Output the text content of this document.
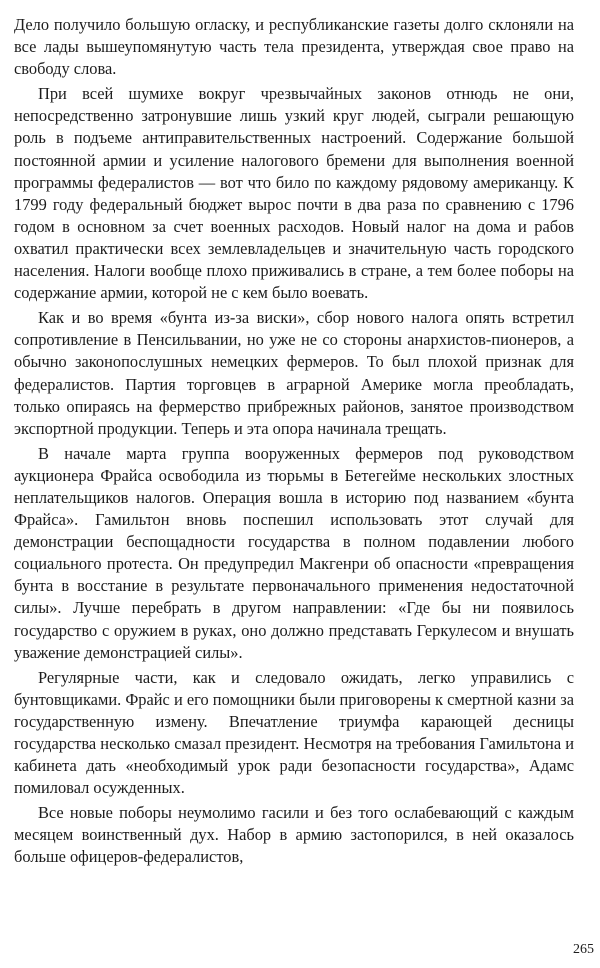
Дело получило большую огласку, и республиканские газеты долго склоняли на все лады вышеупомянутую часть тела президента, утверждая свое право на свободу слова.

При всей шумихе вокруг чрезвычайных законов отнюдь не они, непосредственно затронувшие лишь узкий круг людей, сыграли решающую роль в подъеме антиправительственных настроений. Содержание большой постоянной армии и усиление налогового бремени для выполнения военной программы федералистов — вот что било по каждому рядовому американцу. К 1799 году федеральный бюджет вырос почти в два раза по сравнению с 1796 годом в основном за счет военных расходов. Новый налог на дома и рабов охватил практически всех землевладельцев и значительную часть городского населения. Налоги вообще плохо приживались в стране, а тем более поборы на содержание армии, которой не с кем было воевать.

Как и во время «бунта из-за виски», сбор нового налога опять встретил сопротивление в Пенсильвании, но уже не со стороны анархистов-пионеров, а обычно законопослушных немецких фермеров. То был плохой признак для федералистов. Партия торговцев в аграрной Америке могла преобладать, только опираясь на фермерство прибрежных районов, занятое производством экспортной продукции. Теперь и эта опора начинала трещать.

В начале марта группа вооруженных фермеров под руководством аукционера Фрайса освободила из тюрьмы в Бетегейме нескольких злостных неплательщиков налогов. Операция вошла в историю под названием «бунта Фрайса». Гамильтон вновь поспешил использовать этот случай для демонстрации беспощадности государства в полном подавлении любого социального протеста. Он предупредил Макгенри об опасности «превращения бунта в восстание в результате первоначального применения недостаточной силы». Лучше перебрать в другом направлении: «Где бы ни появилось государство с оружием в руках, оно должно представать Геркулесом и внушать уважение демонстрацией силы».

Регулярные части, как и следовало ожидать, легко управились с бунтовщиками. Фрайс и его помощники были приговорены к смертной казни за государственную измену. Впечатление триумфа карающей десницы государства несколько смазал президент. Несмотря на требования Гамильтона и кабинета дать «необходимый урок ради безопасности государства», Адамс помиловал осужденных.

Все новые поборы неумолимо гасили и без того ослабевающий с каждым месяцем воинственный дух. Набор в армию застопорился, в ней оказалось больше офицеров-федералистов,

265
